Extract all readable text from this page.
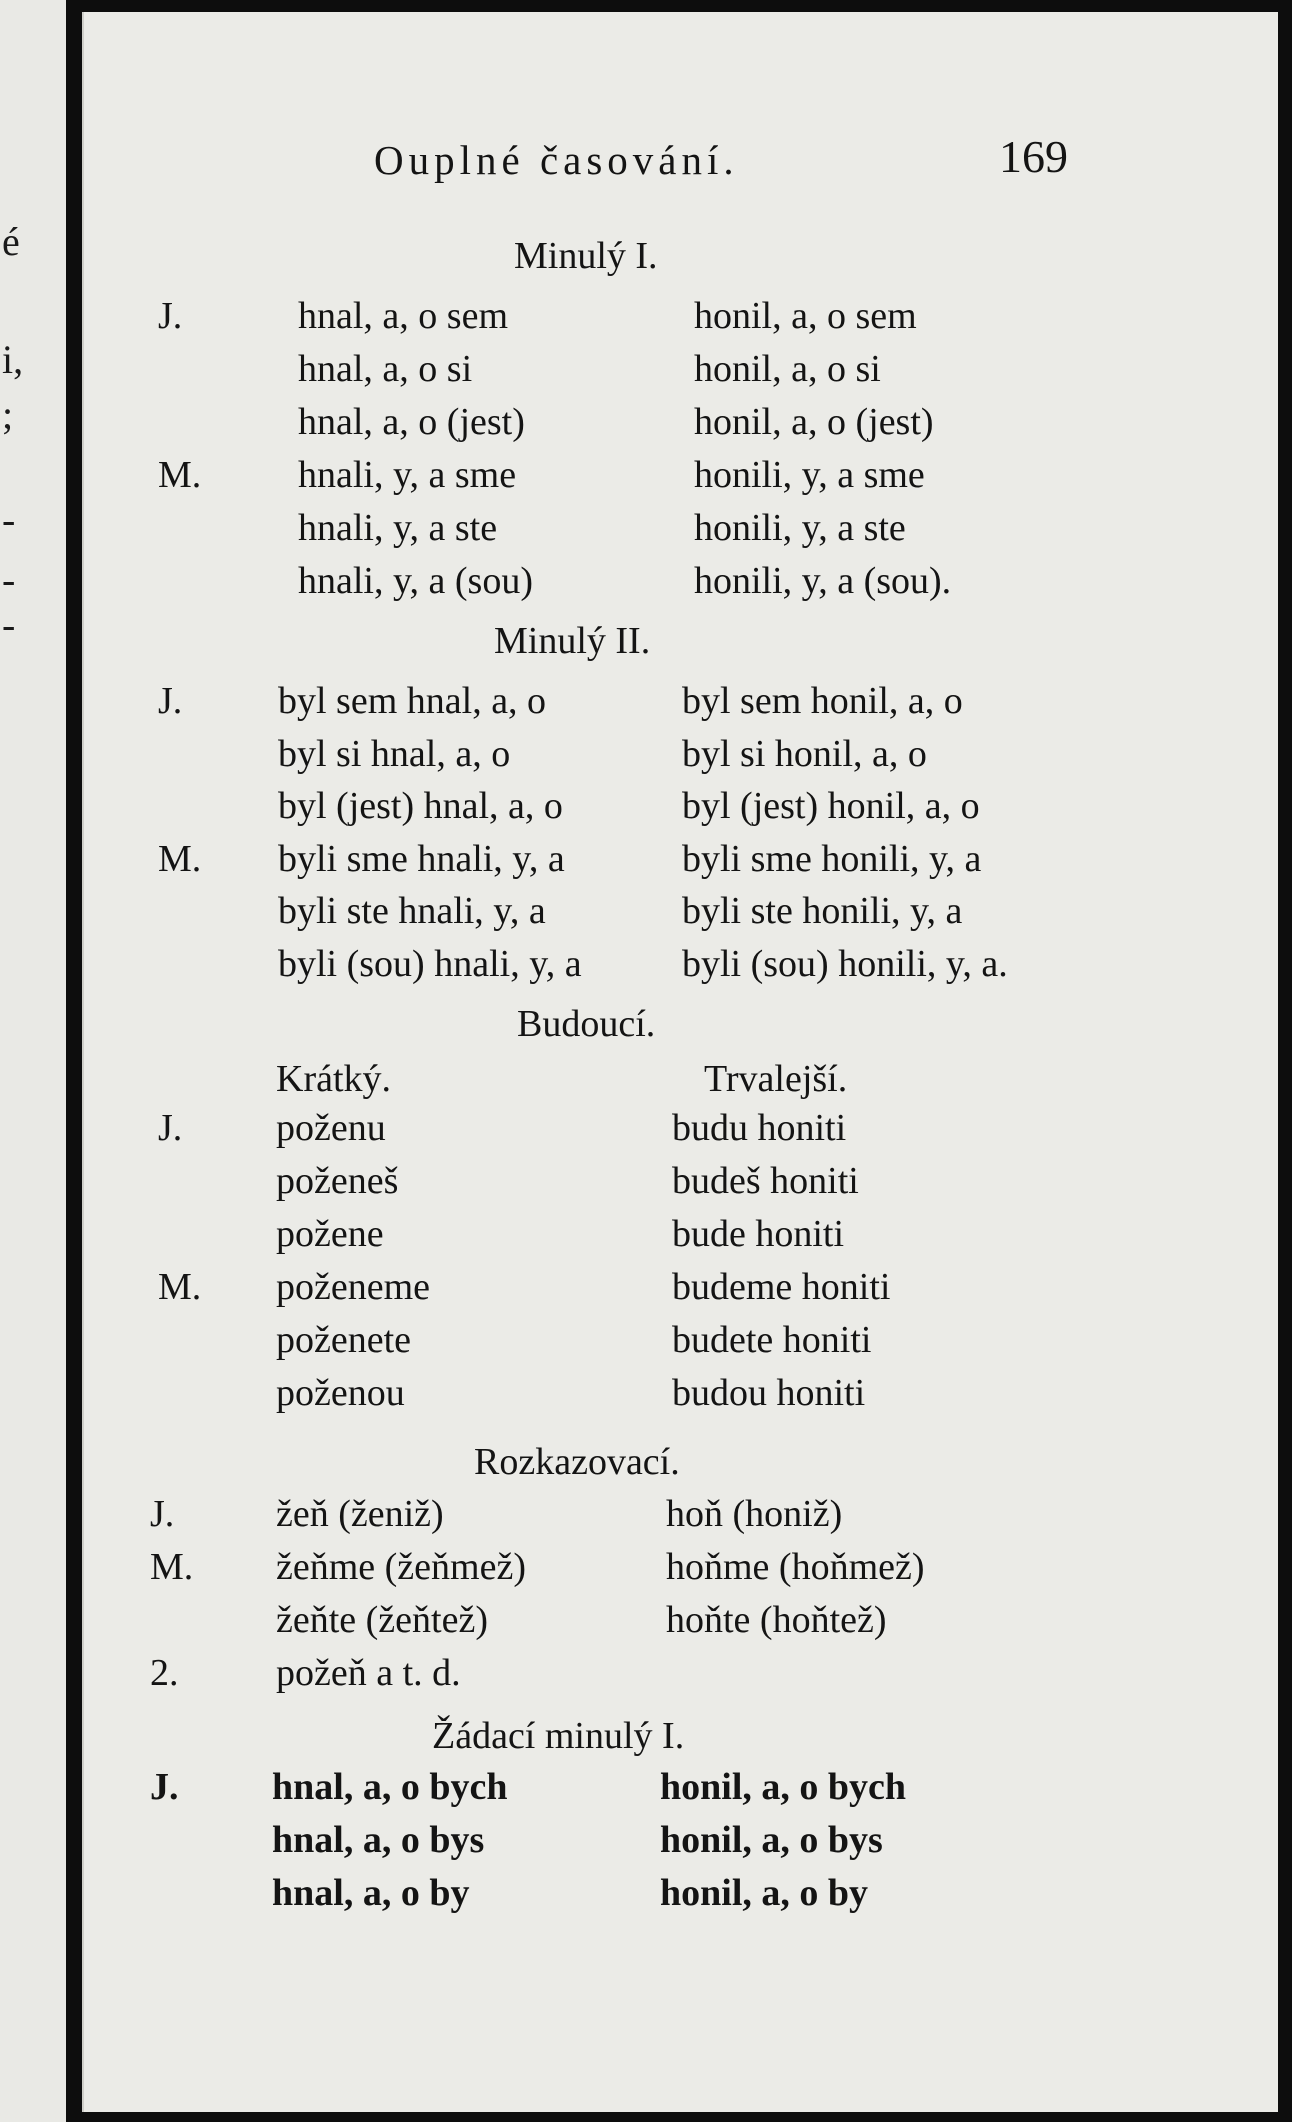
é
i,
;
-
-
-
Ouplné časování.	169
Minulý I.
J.	hnal, a, o sem	honil, a, o sem
hnal, a, o si	honil, a, o si
hnal, a, o (jest)	honil, a, o (jest)
M.	hnali, y, a sme	honili, y, a sme
hnali, y, a ste	honili, y, a ste
hnali, y, a (sou)	honili, y, a (sou).
Minulý II.
J.	byl sem hnal, a, o	byl sem honil, a, o
byl si hnal, a, o	byl si honil, a, o
byl (jest) hnal, a, o	byl (jest) honil, a, o
M. byli sme hnali, y, a	byli sme honili, y, a
byli ste hnali, y, a	byli ste honili, y, a
byli (sou) hnali, y, a	byli (sou) honili, y, a.
Budoucí.
Krátký.	Trvalejší.
J. poženu	budu honiti
poženeš	budeš honiti
požene	bude honiti
M. poženeme	budeme honiti
poženete	budete honiti
poženou	budou honiti
Rozkazovací.
J.	žeň (ženiž)	hoň (honiž)
M. žeňme (žeňmež)	hoňme (hoňmež)
žeňte (žeňtež)	hoňte (hoňtež)
2.	požeň a t. d.
Žádací minulý I.
J. hnal, a, o bych	honil, a, o bych
hnal, a, o bys	honil, a, o bys
hnal, a, o by	honil, a, o by
